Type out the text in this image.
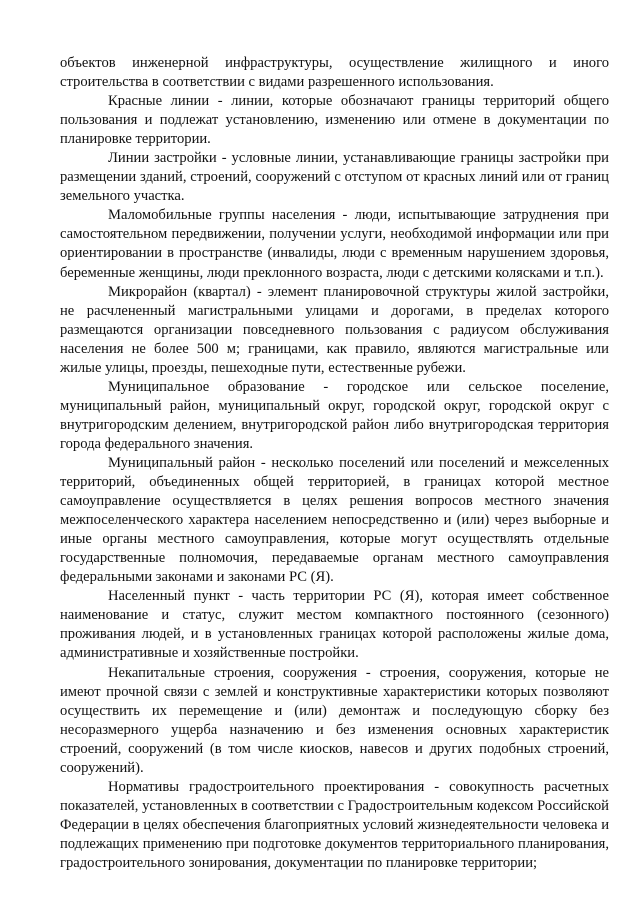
объектов инженерной инфраструктуры, осуществление жилищного и иного строительства в соответствии с видами разрешенного использования.

Красные линии - линии, которые обозначают границы территорий общего пользования и подлежат установлению, изменению или отмене в документации по планировке территории.

Линии застройки - условные линии, устанавливающие границы застройки при размещении зданий, строений, сооружений с отступом от красных линий или от границ земельного участка.

Маломобильные группы населения - люди, испытывающие затруднения при самостоятельном передвижении, получении услуги, необходимой информации или при ориентировании в пространстве (инвалиды, люди с временным нарушением здоровья, беременные женщины, люди преклонного возраста, люди с детскими колясками и т.п.).

Микрорайон (квартал) - элемент планировочной структуры жилой застройки, не расчлененный магистральными улицами и дорогами, в пределах которого размещаются организации повседневного пользования с радиусом обслуживания населения не более 500 м; границами, как правило, являются магистральные или жилые улицы, проезды, пешеходные пути, естественные рубежи.

Муниципальное образование - городское или сельское поселение, муниципальный район, муниципальный округ, городской округ, городской округ с внутригородским делением, внутригородской район либо внутригородская территория города федерального значения.

Муниципальный район - несколько поселений или поселений и межселенных территорий, объединенных общей территорией, в границах которой местное самоуправление осуществляется в целях решения вопросов местного значения межпоселенческого характера населением непосредственно и (или) через выборные и иные органы местного самоуправления, которые могут осуществлять отдельные государственные полномочия, передаваемые органам местного самоуправления федеральными законами и законами РС (Я).

Населенный пункт - часть территории РС (Я), которая имеет собственное наименование и статус, служит местом компактного постоянного (сезонного) проживания людей, и в установленных границах которой расположены жилые дома, административные и хозяйственные постройки.

Некапитальные строения, сооружения - строения, сооружения, которые не имеют прочной связи с землей и конструктивные характеристики которых позволяют осуществить их перемещение и (или) демонтаж и последующую сборку без несоразмерного ущерба назначению и без изменения основных характеристик строений, сооружений (в том числе киосков, навесов и других подобных строений, сооружений).

Нормативы градостроительного проектирования - совокупность расчетных показателей, установленных в соответствии с Градостроительным кодексом Российской Федерации в целях обеспечения благоприятных условий жизнедеятельности человека и подлежащих применению при подготовке документов территориального планирования, градостроительного зонирования, документации по планировке территории;
